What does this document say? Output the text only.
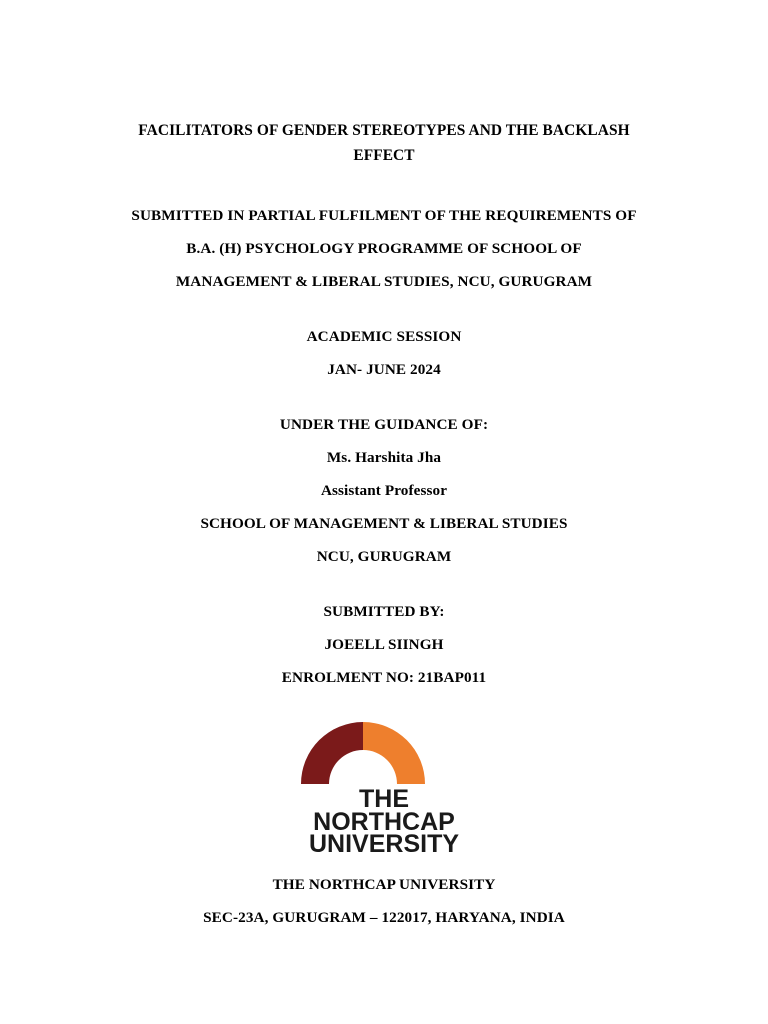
FACILITATORS OF GENDER STEREOTYPES AND THE BACKLASH
EFFECT
SUBMITTED IN PARTIAL FULFILMENT OF THE REQUIREMENTS OF
B.A. (H) PSYCHOLOGY PROGRAMME OF SCHOOL OF
MANAGEMENT & LIBERAL STUDIES, NCU, GURUGRAM
ACADEMIC SESSION
JAN- JUNE 2024
UNDER THE GUIDANCE OF:
Ms. Harshita Jha
Assistant Professor
SCHOOL OF MANAGEMENT & LIBERAL STUDIES
NCU, GURUGRAM
SUBMITTED BY:
JOEELL SIINGH
ENROLMENT NO: 21BAP011
THE
NORTHCAP
UNIVERSITY
THE NORTHCAP UNIVERSITY
SEC-23A, GURUGRAM – 122017, HARYANA, INDIA
